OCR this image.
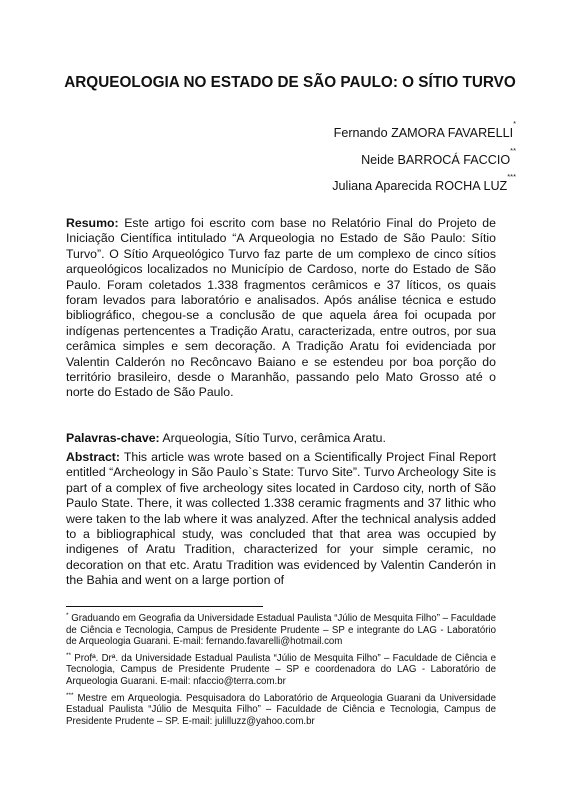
ARQUEOLOGIA NO ESTADO DE SÃO PAULO: O SÍTIO TURVO
Fernando ZAMORA FAVARELLI*
Neide BARROCÁ FACCIO**
Juliana Aparecida ROCHA LUZ***
Resumo: Este artigo foi escrito com base no Relatório Final do Projeto de Iniciação Científica intitulado “A Arqueologia no Estado de São Paulo: Sítio Turvo”. O Sítio Arqueológico Turvo faz parte de um complexo de cinco sítios arqueológicos localizados no Município de Cardoso, norte do Estado de São Paulo. Foram coletados 1.338 fragmentos cerâmicos e 37 líticos, os quais foram levados para laboratório e analisados. Após análise técnica e estudo bibliográfico, chegou-se a conclusão de que aquela área foi ocupada por indígenas pertencentes a Tradição Aratu, caracterizada, entre outros, por sua cerâmica simples e sem decoração. A Tradição Aratu foi evidenciada por Valentin Calderón no Recôncavo Baiano e se estendeu por boa porção do território brasileiro, desde o Maranhão, passando pelo Mato Grosso até o norte do Estado de São Paulo.
Palavras-chave: Arqueologia, Sítio Turvo, cerâmica Aratu.
Abstract: This article was wrote based on a Scientifically Project Final Report entitled “Archeology in São Paulo`s State: Turvo Site”. Turvo Archeology Site is part of a complex of five archeology sites located in Cardoso city, north of São Paulo State. There, it was collected 1.338 ceramic fragments and 37 lithic who were taken to the lab where it was analyzed. After the technical analysis added to a bibliographical study, was concluded that that area was occupied by indigenes of Aratu Tradition, characterized for your simple ceramic, no decoration on that etc. Aratu Tradition was evidenced by Valentin Canderón in the Bahia and went on a large portion of
* Graduando em Geografia da Universidade Estadual Paulista “Júlio de Mesquita Filho” – Faculdade de Ciência e Tecnologia, Campus de Presidente Prudente – SP e integrante do LAG - Laboratório de Arqueologia Guarani. E-mail: fernando.favarelli@hotmail.com
** Profª. Drª. da Universidade Estadual Paulista “Júlio de Mesquita Filho” – Faculdade de Ciência e Tecnologia, Campus de Presidente Prudente – SP e coordenadora do LAG - Laboratório de Arqueologia Guarani. E-mail: nfaccio@terra.com.br
*** Mestre em Arqueologia. Pesquisadora do Laboratório de Arqueologia Guarani da Universidade Estadual Paulista “Júlio de Mesquita Filho” – Faculdade de Ciência e Tecnologia, Campus de Presidente Prudente – SP. E-mail: julilluzz@yahoo.com.br
